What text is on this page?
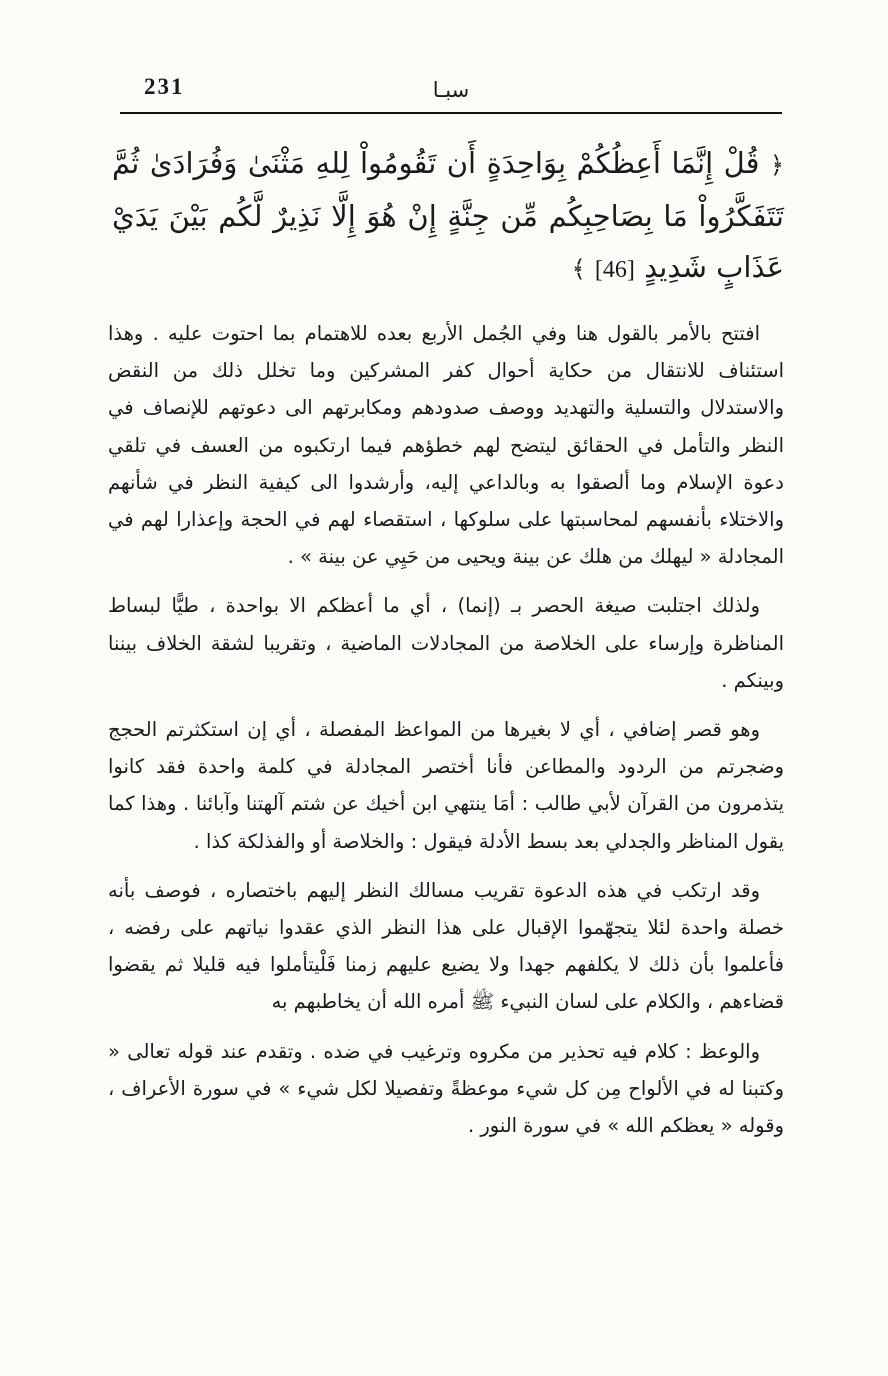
231	سبـا
﴿ قُلْ إِنَّمَا أَعِظُكُمْ بِوَاحِدَةٍ أَن تَقُومُواْ لِلهِ مَثْنَىٰ وَفُرَادَىٰ ثُمَّ تَتَفَكَّرُواْ مَا بِصَاحِبِكُم مِّن جِنَّةٍ إِنْ هُوَ إِلَّا نَذِيرٌ لَّكُم بَيْنَ يَدَيْ عَذَابٍ شَدِيدٍ [46] ﴾

افتتح بالأمر بالقول هنا وفي الجُمل الأربع بعده للاهتمام بما احتوت عليه . وهذا استئناف للانتقال من حكاية أحوال كفر المشركين وما تخلل ذلك من النقض والاستدلال والتسلية والتهديد ووصف صدودهم ومكابرتهم الى دعوتهم للإنصاف في النظر والتأمل في الحقائق ليتضح لهم خطؤهم فيما ارتكبوه من العسف في تلقي دعوة الإسلام وما ألصقوا به وبالداعي إليه، وأرشدوا الى كيفية النظر في شأنهم والاختلاء بأنفسهم لمحاسبتها على سلوكها ، استقصاء لهم في الحجة وإعذارا لهم في المجادلة « ليهلك من هلك عن بينة ويحيى من حَيِي عن بينة » .

ولذلك اجتلبت صيغة الحصر بـ (إنما) ، أي ما أعظكم الا بواحدة ، طيًّا لبساط المناظرة وإرساء على الخلاصة من المجادلات الماضية ، وتقريبا لشقة الخلاف بيننا وبينكم .

وهو قصر إضافي ، أي لا بغيرها من المواعظ المفصلة ، أي إن استكثرتم الحجج وضجرتم من الردود والمطاعن فأنا أختصر المجادلة في كلمة واحدة فقد كانوا يتذمرون من القرآن لأبي طالب : أمَا ينتهي ابن أخيك عن شتم آلهتنا وآبائنا . وهذا كما يقول المناظر والجدلي بعد بسط الأدلة فيقول : والخلاصة أو والفذلكة كذا .

وقد ارتكب في هذه الدعوة تقريب مسالك النظر إليهم باختصاره ، فوصف بأنه خصلة واحدة لئلا يتجهّموا الإقبال على هذا النظر الذي عقدوا نياتهم على رفضه ، فأعلموا بأن ذلك لا يكلفهم جهدا ولا يضيع عليهم زمنا فَلْيتأملوا فيه قليلا ثم يقضوا قضاءهم ، والكلام على لسان النبيء ﷺ أمره الله أن يخاطبهم به

والوعظ : كلام فيه تحذير من مكروه وترغيب في ضده . وتقدم عند قوله تعالى « وكتبنا له في الألواح مِن كل شيء موعظةً وتفصيلا لكل شيء » في سورة الأعراف ، وقوله « يعظكم الله » في سورة النور .
